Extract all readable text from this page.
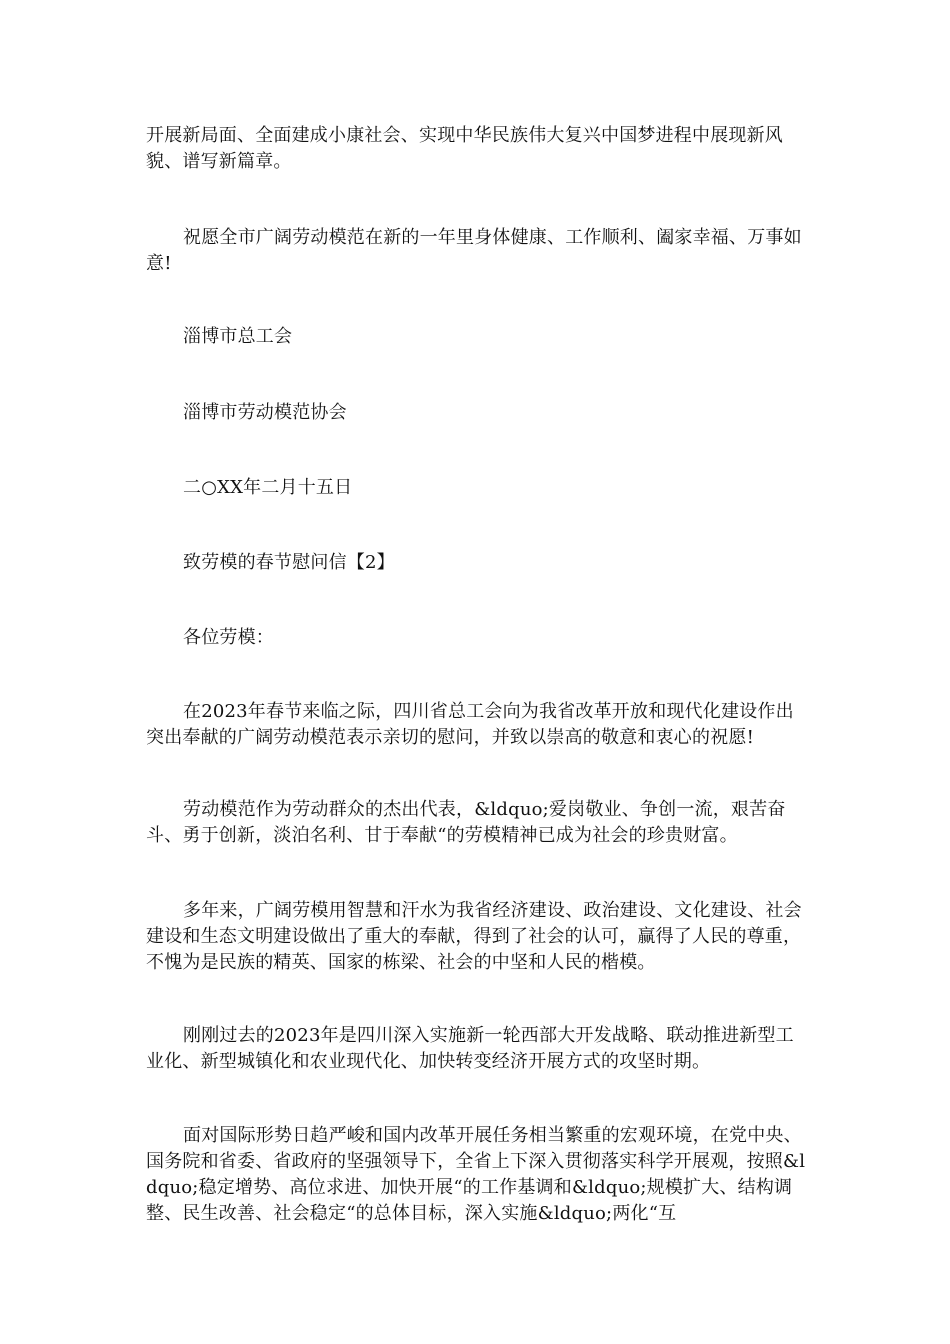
开展新局面、全面建成小康社会、实现中华民族伟大复兴中国梦进程中展现新风貌、谱写新篇章。

祝愿全市广阔劳动模范在新的一年里身体健康、工作顺利、阖家幸福、万事如意!

淄博市总工会

淄博市劳动模范协会

二○XX年二月十五日

致劳模的春节慰问信【2】

各位劳模：

在2023年春节来临之际，四川省总工会向为我省改革开放和现代化建设作出突出奉献的广阔劳动模范表示亲切的慰问，并致以崇高的敬意和衷心的祝愿!

劳动模范作为劳动群众的杰出代表，&ldquo;爱岗敬业、争创一流，艰苦奋斗、勇于创新，淡泊名利、甘于奉献“的劳模精神已成为社会的珍贵财富。

多年来，广阔劳模用智慧和汗水为我省经济建设、政治建设、文化建设、社会建设和生态文明建设做出了重大的奉献，得到了社会的认可，赢得了人民的尊重，不愧为是民族的精英、国家的栋梁、社会的中坚和人民的楷模。

刚刚过去的2023年是四川深入实施新一轮西部大开发战略、联动推进新型工业化、新型城镇化和农业现代化、加快转变经济开展方式的攻坚时期。

面对国际形势日趋严峻和国内改革开展任务相当繁重的宏观环境，在党中央、国务院和省委、省政府的坚强领导下，全省上下深入贯彻落实科学开展观，按照&ldquo;稳定增势、高位求进、加快开展“的工作基调和&ldquo;规模扩大、结构调整、民生改善、社会稳定“的总体目标，深入实施&ldquo;两化“互
